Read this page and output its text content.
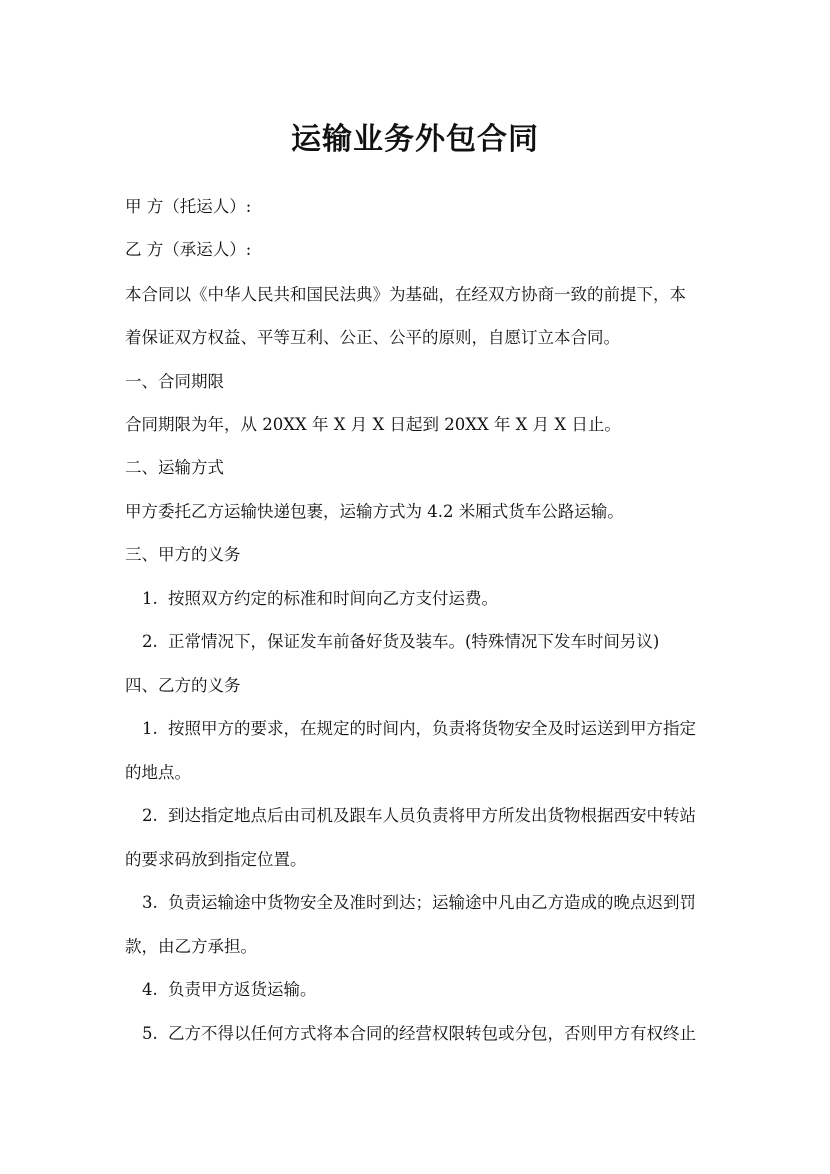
运输业务外包合同
甲 方（托运人）:
乙 方（承运人）:
本合同以《中华人民共和国民法典》为基础，在经双方协商一致的前提下，本
着保证双方权益、平等互利、公正、公平的原则，自愿订立本合同。
一、合同期限
合同期限为年，从 20XX 年 X 月 X 日起到 20XX 年 X 月 X 日止。
二、运输方式
甲方委托乙方运输快递包裹，运输方式为 4.2 米厢式货车公路运输。
三、甲方的义务
1. 按照双方约定的标准和时间向乙方支付运费。
2. 正常情况下，保证发车前备好货及装车。(特殊情况下发车时间另议)
四、乙方的义务
1. 按照甲方的要求，在规定的时间内，负责将货物安全及时运送到甲方指定
的地点。
2. 到达指定地点后由司机及跟车人员负责将甲方所发出货物根据西安中转站
的要求码放到指定位置。
3. 负责运输途中货物安全及准时到达；运输途中凡由乙方造成的晚点迟到罚
款，由乙方承担。
4. 负责甲方返货运输。
5. 乙方不得以任何方式将本合同的经营权限转包或分包，否则甲方有权终止
